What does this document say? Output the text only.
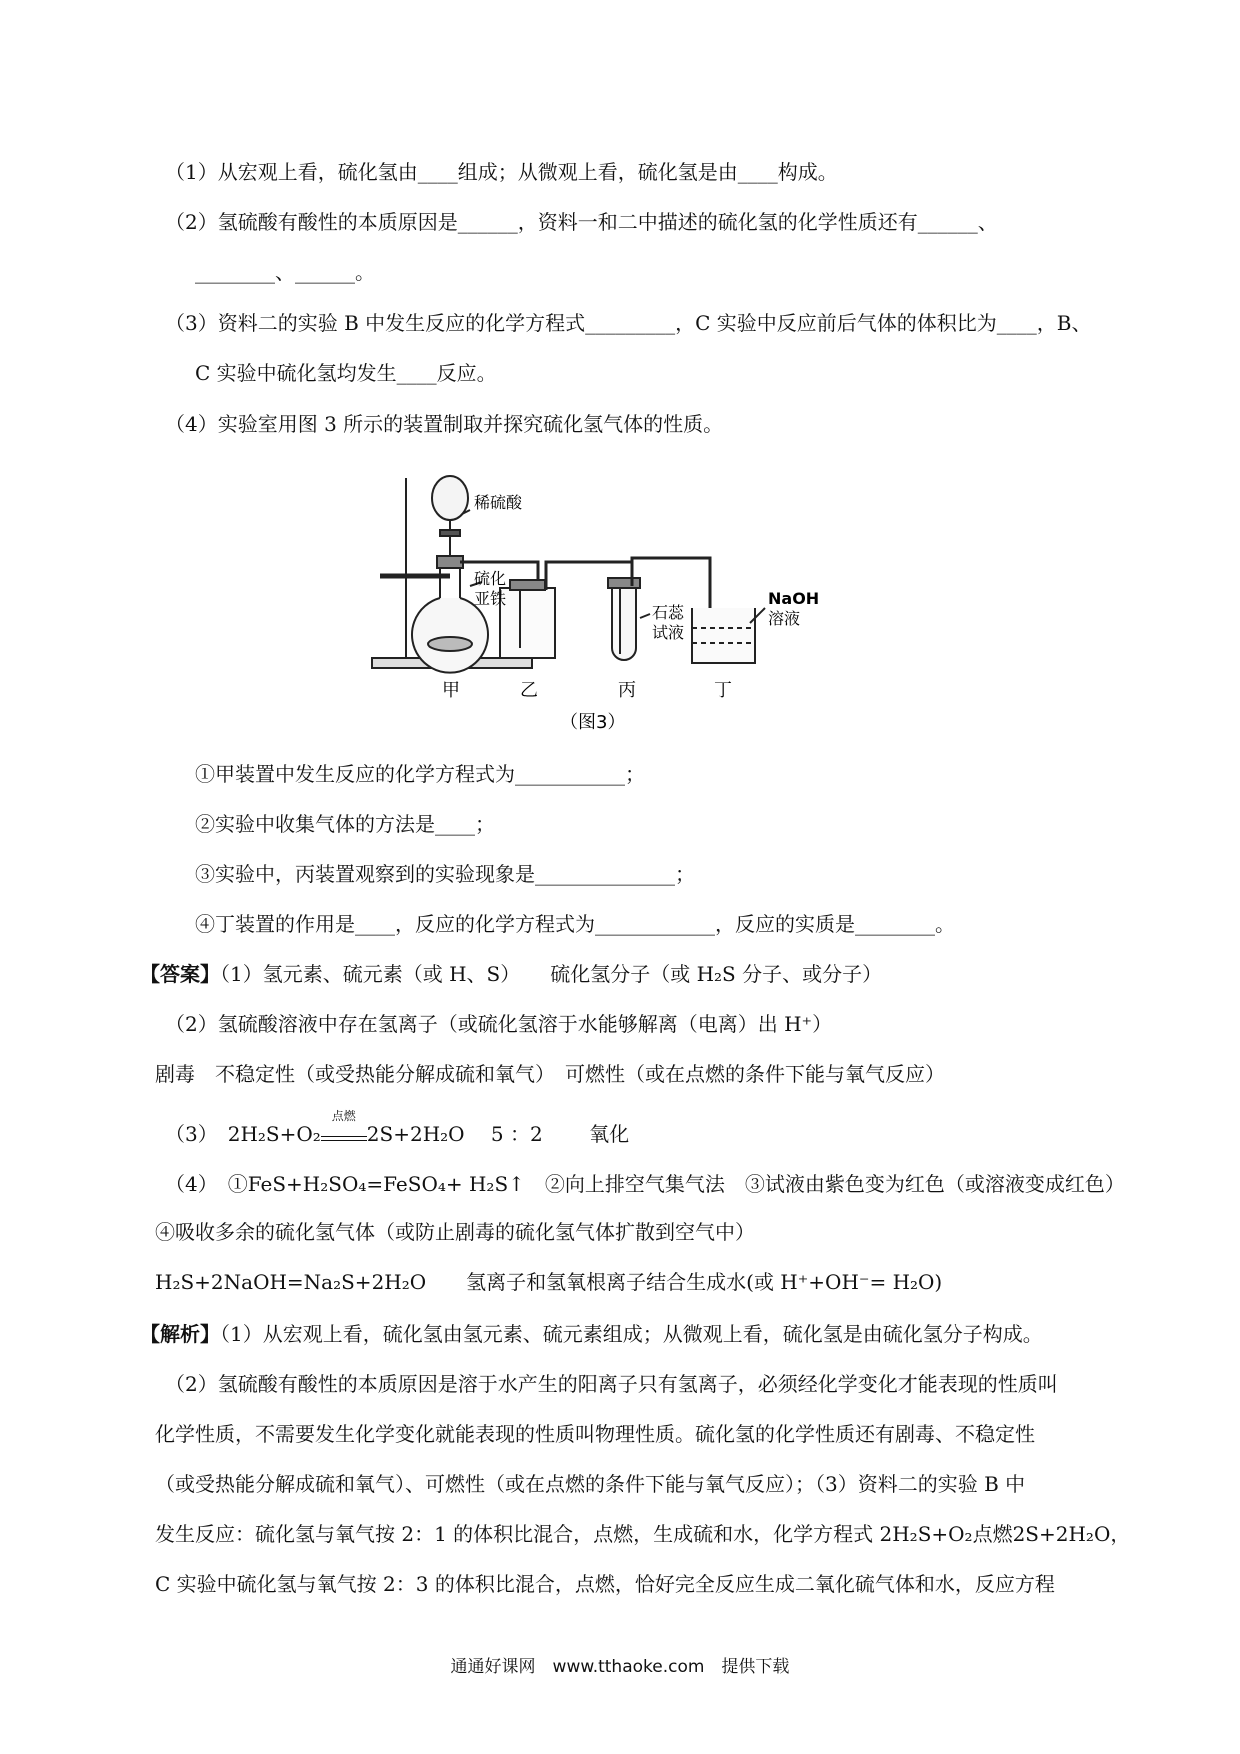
（1）从宏观上看，硫化氢由____组成；从微观上看，硫化氢是由____构成。
（2）氢硫酸有酸性的本质原因是______，资料一和二中描述的硫化氢的化学性质还有______、
________、______。
（3）资料二的实验 B 中发生反应的化学方程式_________，C 实验中反应前后气体的体积比为____，B、
C 实验中硫化氢均发生____反应。
（4）实验室用图 3 所示的装置制取并探究硫化氢气体的性质。
稀硫酸
硫化
亚铁
石蕊
试液
NaOH
溶液
甲	乙	丙	丁
（图3）
①甲装置中发生反应的化学方程式为___________；
②实验中收集气体的方法是____；
③实验中，丙装置观察到的实验现象是______________；
④丁装置的作用是____，反应的化学方程式为____________，反应的实质是________。
【答案】（1）氢元素、硫元素（或 H、S）　　硫化氢分子（或 H₂S 分子、或分子）
（2）氢硫酸溶液中存在氢离子（或硫化氢溶于水能够解离（电离）出 H⁺）
剧毒　不稳定性（或受热能分解成硫和氧气）　可燃性（或在点燃的条件下能与氧气反应）
（3）　2H₂S+O₂
点燃
2S+2H₂O　 5 ：2　　 氧化
（4）　①FeS+H₂SO₄=FeSO₄+ H₂S↑　②向上排空气集气法　③试液由紫色变为红色（或溶液变成红色）
④吸收多余的硫化氢气体（或防止剧毒的硫化氢气体扩散到空气中）
H₂S+2NaOH=Na₂S+2H₂O　　氢离子和氢氧根离子结合生成水(或 H⁺+OH⁻= H₂O)
【解析】（1）从宏观上看，硫化氢由氢元素、硫元素组成；从微观上看，硫化氢是由硫化氢分子构成。
（2）氢硫酸有酸性的本质原因是溶于水产生的阳离子只有氢离子，必须经化学变化才能表现的性质叫
化学性质，不需要发生化学变化就能表现的性质叫物理性质。硫化氢的化学性质还有剧毒、不稳定性
（或受热能分解成硫和氧气）、可燃性（或在点燃的条件下能与氧气反应）；（3）资料二的实验 B 中
发生反应：硫化氢与氧气按 2：1 的体积比混合，点燃，生成硫和水，化学方程式 2H₂S+O₂点燃2S+2H₂O，
C 实验中硫化氢与氧气按 2：3 的体积比混合，点燃，恰好完全反应生成二氧化硫气体和水，反应方程
通通好课网　www.tthaoke.com　提供下载
